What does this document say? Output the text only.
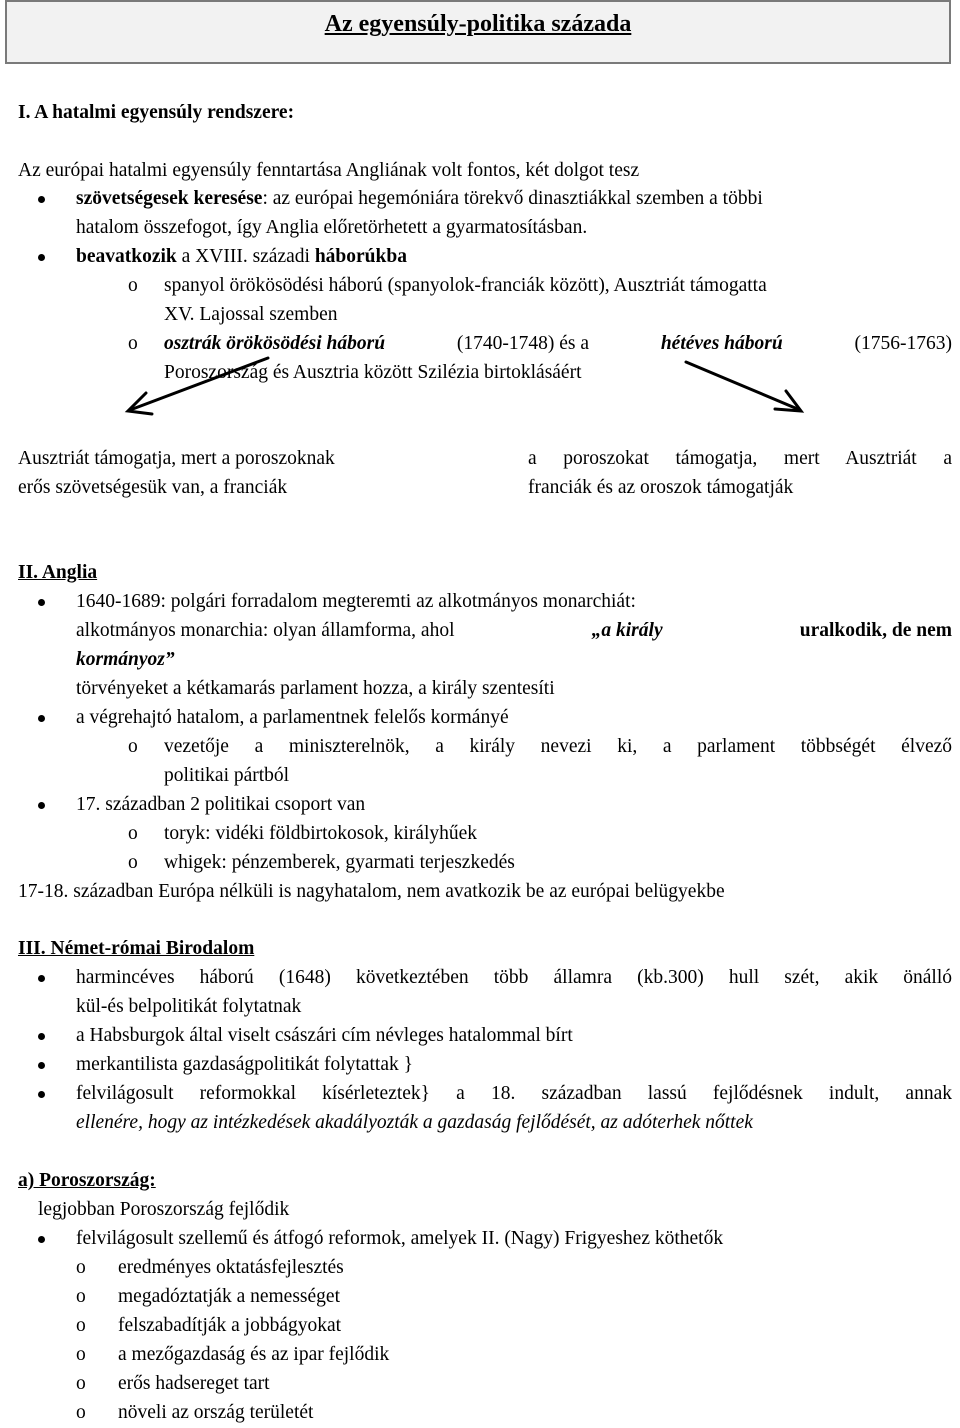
Az egyensúly-politika százada
I. A hatalmi egyensúly rendszere:
Az európai hatalmi egyensúly fenntartása Angliának volt fontos, két dolgot tesz
szövetségesek keresése: az európai hegemóniára törekvő dinasztiákkal szemben a többi
hatalom összefogot, így Anglia előretörhetett a gyarmatosításban.
beavatkozik a XVIII. századi háborúkba
o spanyol örökösödési háború (spanyolok-franciák között), Ausztriát támogatta
XV. Lajossal szemben
o osztrák örökösödési háború	(1740-1748) és a	hétéves háború	(1756-1763)
Poroszország és Ausztria között Szilézia birtoklásáért
Ausztriát támogatja, mert a poroszoknak
erős szövetségesük van, a franciák
a poroszokat támogatja, mert Ausztriát a
franciák és az oroszok támogatják
II. Anglia
1640-1689: polgári forradalom megteremti az alkotmányos monarchiát:
alkotmányos monarchia: olyan államforma, ahol	„a király	uralkodik, de nem
kormányoz”
törvényeket a kétkamarás parlament hozza, a király szentesíti
a végrehajtó hatalom, a parlamentnek felelős kormányé
o vezetője a miniszterelnök, a király nevezi ki, a parlament többségét élvező
politikai pártból
17. században 2 politikai csoport van
o toryk: vidéki földbirtokosok, királyhűek
o whigek: pénzemberek, gyarmati terjeszkedés
17-18. században Európa nélküli is nagyhatalom, nem avatkozik be az európai belügyekbe
III. Német-római Birodalom
harmincéves háború (1648) következtében több államra (kb.300) hull szét, akik önálló
kül-és belpolitikát folytatnak
a Habsburgok által viselt császári cím névleges hatalommal bírt
merkantilista gazdaságpolitikát folytattak }
felvilágosult reformokkal kísérleteztek} a 18. században lassú fejlődésnek indult, annak
ellenére, hogy az intézkedések akadályozták a gazdaság fejlődését, az adóterhek nőttek
a) Poroszország:
legjobban Poroszország fejlődik
felvilágosult szellemű és átfogó reformok, amelyek II. (Nagy) Frigyeshez köthetők
o eredményes oktatásfejlesztés
o megadóztatják a nemességet
o felszabadítják a jobbágyokat
o a mezőgazdaság és az ipar fejlődik
o erős hadsereget tart
o növeli az ország területét
